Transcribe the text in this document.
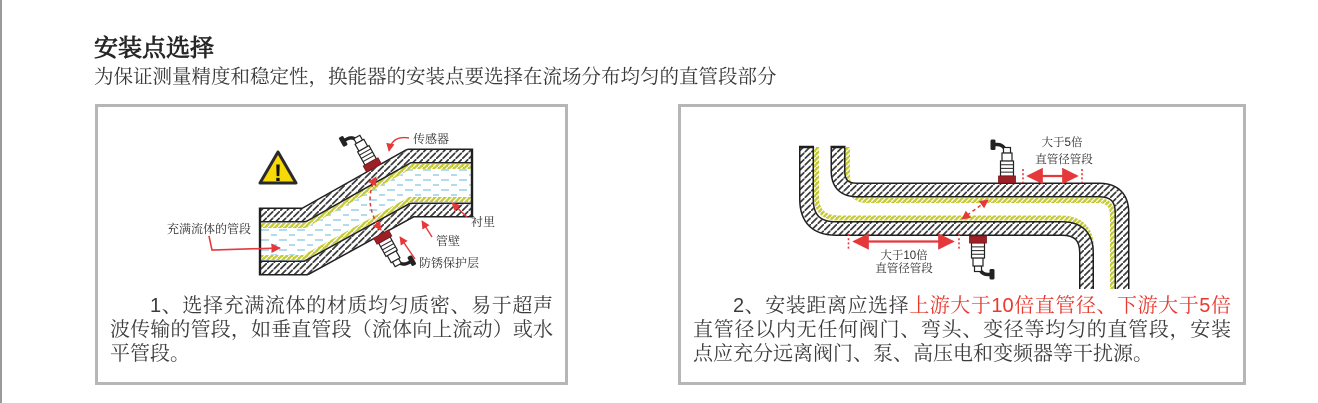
安装点选择
为保证测量精度和稳定性，换能器的安装点要选择在流场分布均匀的直管段部分
!
传感器
充满流体的管段	衬里
管壁
防锈保护层

1、选择充满流体的材质均匀质密、易于超声波传输的管段，如垂直管段（流体向上流动）或水平管段。

大于5倍
直管径管段
大于10倍
直管径管段

2、安装距离应选择上游大于10倍直管径、下游大于5倍直管径以内无任何阀门、弯头、变径等均匀的直管段，安装点应充分远离阀门、泵、高压电和变频器等干扰源。
